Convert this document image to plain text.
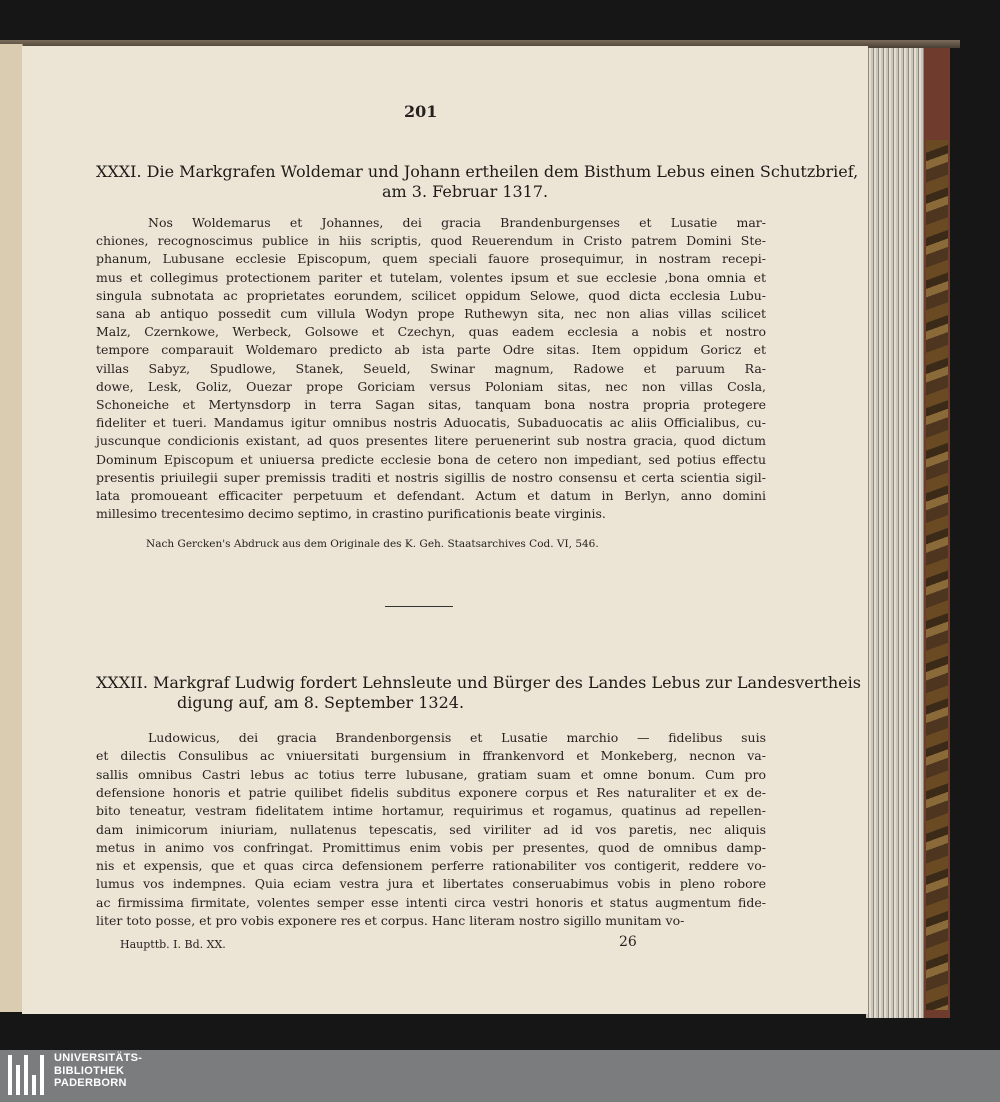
201
XXXI. Die Markgrafen Woldemar und Johann ertheilen dem Bisthum Lebus einen Schutzbrief,
am 3. Februar 1317.
Nos Woldemarus et Johannes, dei gracia Brandenburgenses et Lusatie mar-
chiones, recognoscimus publice in hiis scriptis, quod Reuerendum in Cristo patrem Domini Ste-
phanum, Lubusane ecclesie Episcopum, quem speciali fauore prosequimur, in nostram recepi-
mus et collegimus protectionem pariter et tutelam, volentes ipsum et sue ecclesie ,bona omnia et
singula subnotata ac proprietates eorundem, scilicet oppidum Selowe, quod dicta ecclesia Lubu-
sana ab antiquo possedit cum villula Wodyn prope Ruthewyn sita, nec non alias villas scilicet
Malz, Czernkowe, Werbeck, Golsowe et Czechyn, quas eadem ecclesia a nobis et nostro
tempore comparauit Woldemaro predicto ab ista parte Odre sitas. Item oppidum Goricz et
villas Sabyz, Spudlowe, Stanek, Seueld, Swinar magnum, Radowe et paruum Ra-
dowe, Lesk, Goliz, Ouezar prope Goriciam versus Poloniam sitas, nec non villas Cosla,
Schoneiche et Mertynsdorp in terra Sagan sitas, tanquam bona nostra propria protegere
fideliter et tueri. Mandamus igitur omnibus nostris Aduocatis, Subaduocatis ac aliis Officialibus, cu-
juscunque condicionis existant, ad quos presentes litere peruenerint sub nostra gracia, quod dictum
Dominum Episcopum et uniuersa predicte ecclesie bona de cetero non impediant, sed potius effectu
presentis priuilegii super premissis traditi et nostris sigillis de nostro consensu et certa scientia sigil-
lata promoueant efficaciter perpetuum et defendant. Actum et datum in Berlyn, anno domini
millesimo trecentesimo decimo septimo, in crastino purificationis beate virginis.
Nach Gercken's Abdruck aus dem Originale des K. Geh. Staatsarchives Cod. VI, 546.
XXXII. Markgraf Ludwig fordert Lehnsleute und Bürger des Landes Lebus zur Landesvertheis
digung auf, am 8. September 1324.
Ludowicus, dei gracia Brandenborgensis et Lusatie marchio — fidelibus suis
et dilectis Consulibus ac vniuersitati burgensium in ffrankenvord et Monkeberg, necnon va-
sallis omnibus Castri lebus ac totius terre lubusane, gratiam suam et omne bonum. Cum pro
defensione honoris et patrie quilibet fidelis subditus exponere corpus et Res naturaliter et ex de-
bito teneatur, vestram fidelitatem intime hortamur, requirimus et rogamus, quatinus ad repellen-
dam inimicorum iniuriam, nullatenus tepescatis, sed viriliter ad id vos paretis, nec aliquis
metus in animo vos confringat. Promittimus enim vobis per presentes, quod de omnibus damp-
nis et expensis, que et quas circa defensionem perferre rationabiliter vos contigerit, reddere vo-
lumus vos indempnes. Quia eciam vestra jura et libertates conseruabimus vobis in pleno robore
ac firmissima firmitate, volentes semper esse intenti circa vestri honoris et status augmentum fide-
liter toto posse, et pro vobis exponere res et corpus. Hanc literam nostro sigillo munitam vo-
Haupttb. I. Bd. XX.	26
UNIVERSITÄTS-
BIBLIOTHEK
PADERBORN
